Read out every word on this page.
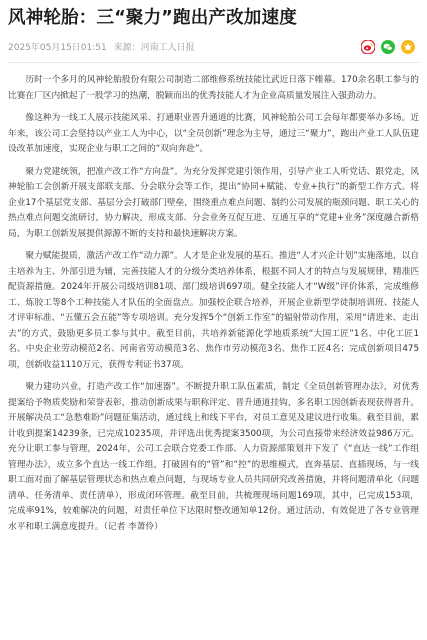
风神轮胎：三“聚力”跑出产改加速度
2025年05月15日01:51 来源：河南工人日报

历时一个多月的风神轮胎股份有限公司制造二部维修系统技能比武近日落下帷幕。170余名职工参与的比赛在厂区内掀起了一股学习的热潮，脱颖而出的优秀技能人才为企业高质量发展注入强劲动力。

像这种为一线工人展示技能风采、打通职业晋升通道的比赛，风神轮胎公司工会每年都要举办多场。近年来，该公司工会坚持以产业工人为中心，以“全员创新”理念为主导，通过三“聚力”，跑出产业工人队伍建设改革加速度，实现企业与职工之间的“双向奔赴”。

聚力党建统领，把准产改工作“方向盘”。为充分发挥党建引领作用，引导产业工人听党话、跟党走，风神轮胎工会创新开展支部联支部、分会联分会等工作，提出“协同+赋能、专业+执行”的新型工作方式。将企业17个基层党支部、基层分会打破部门壁垒，围绕重点难点问题、制约公司发展的瓶颈问题、职工关心的热点难点问题交流研讨，协力解决，形成支部、分会业务互促互进、互通互享的“党建+业务”深度融合新格局，为职工创新发展提供源源不断的支持和最快速解决方案。

聚力赋能提质，激活产改工作“动力源”。人才是企业发展的基石。推进“人才兴企计划”实施落地，以自主培养为主、外部引进为辅，完善技能人才的分级分类培养体系，根据不同人才的特点与发展规律，精准匹配资源措施。2024年开展公司级培训81项、部门级培训697项。健全技能人才“W级”评价体系，完成维修工、炼胶工等8个工种技能人才队伍的全面盘点。加强校企联合培养，开展企业新型学徒制培训班、技能人才评审标准、“五懂五会五能”等专项培训。充分发挥5个“创新工作室”的辐射带动作用，采用“请进来、走出去”的方式，鼓励更多员工参与其中。截至目前，共培养新能源化学地质系统“大国工匠”1名、中化工匠1名、中央企业劳动模范2名、河南省劳动模范3名、焦作市劳动模范3名、焦作工匠4名；完成创新项目475项，创新收益1110万元，获得专利证书37项。

聚力建功兴业，打造产改工作“加速器”。不断提升职工队伍素质，制定《全员创新管理办法》，对优秀提案给予物质奖励和荣誉表彰，推动创新成果与职称评定、晋升通道挂钩，多名职工因创新表现获得晋升。开展解决员工“急愁难盼”问题征集活动，通过线上和线下平台，对员工意见及建议进行收集。截至目前，累计收到提案14239条，已完成10235项，并评选出优秀提案3500项，为公司直接带来经济效益986万元。充分让职工参与管理，2024年，公司工会联合党委工作部、人力资源部策划并下发了《“直达一线”工作组管理办法》，成立多个直达一线工作组，打破固有的“管”和“控”的思维模式，直奔基层、直插现场，与一线职工面对面了解基层管理状态和热点难点问题，与现场专业人员共同研究改善措施，并将问题清单化（问题清单、任务清单、责任清单），形成闭环管理。截至目前，共梳理现场问题169项，其中，已完成153项，完成率91%，较难解决的问题，对责任单位下达限时整改通知单12份。通过活动，有效促进了各专业管理水平和职工满意度提升。（记者 李萧伶）
